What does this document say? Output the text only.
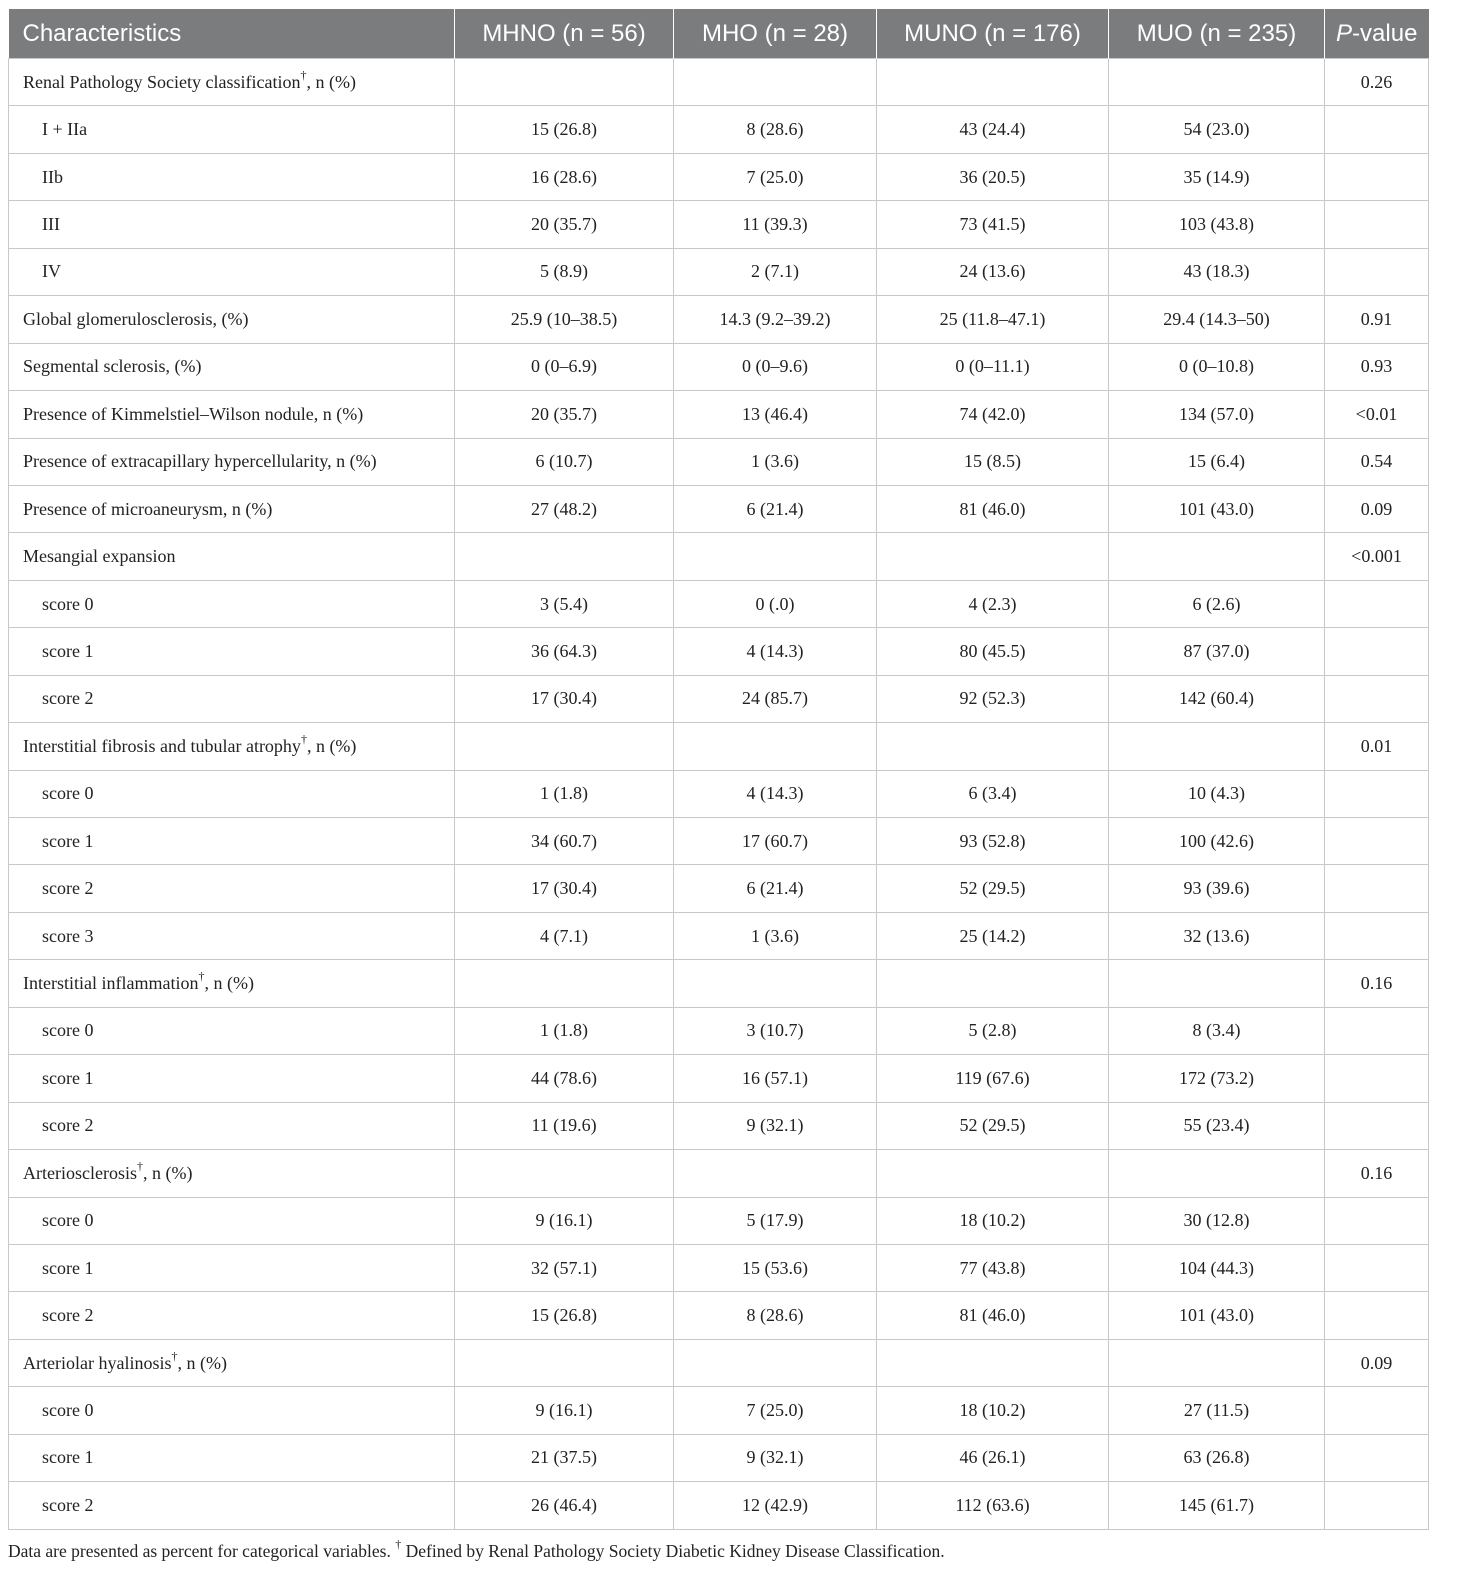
Characteristics	MHNO (n = 56)	MHO (n = 28)	MUNO (n = 176)	MUO (n = 235)	P-value
Renal Pathology Society classification†, n (%)					0.26
I + IIa	15 (26.8)	8 (28.6)	43 (24.4)	54 (23.0)	
IIb	16 (28.6)	7 (25.0)	36 (20.5)	35 (14.9)	
III	20 (35.7)	11 (39.3)	73 (41.5)	103 (43.8)	
IV	5 (8.9)	2 (7.1)	24 (13.6)	43 (18.3)	
Global glomerulosclerosis, (%)	25.9 (10–38.5)	14.3 (9.2–39.2)	25 (11.8–47.1)	29.4 (14.3–50)	0.91
Segmental sclerosis, (%)	0 (0–6.9)	0 (0–9.6)	0 (0–11.1)	0 (0–10.8)	0.93
Presence of Kimmelstiel–Wilson nodule, n (%)	20 (35.7)	13 (46.4)	74 (42.0)	134 (57.0)	<0.01
Presence of extracapillary hypercellularity, n (%)	6 (10.7)	1 (3.6)	15 (8.5)	15 (6.4)	0.54
Presence of microaneurysm, n (%)	27 (48.2)	6 (21.4)	81 (46.0)	101 (43.0)	0.09
Mesangial expansion					<0.001
score 0	3 (5.4)	0 (.0)	4 (2.3)	6 (2.6)	
score 1	36 (64.3)	4 (14.3)	80 (45.5)	87 (37.0)	
score 2	17 (30.4)	24 (85.7)	92 (52.3)	142 (60.4)	
Interstitial fibrosis and tubular atrophy†, n (%)					0.01
score 0	1 (1.8)	4 (14.3)	6 (3.4)	10 (4.3)	
score 1	34 (60.7)	17 (60.7)	93 (52.8)	100 (42.6)	
score 2	17 (30.4)	6 (21.4)	52 (29.5)	93 (39.6)	
score 3	4 (7.1)	1 (3.6)	25 (14.2)	32 (13.6)	
Interstitial inflammation†, n (%)					0.16
score 0	1 (1.8)	3 (10.7)	5 (2.8)	8 (3.4)	
score 1	44 (78.6)	16 (57.1)	119 (67.6)	172 (73.2)	
score 2	11 (19.6)	9 (32.1)	52 (29.5)	55 (23.4)	
Arteriosclerosis†, n (%)					0.16
score 0	9 (16.1)	5 (17.9)	18 (10.2)	30 (12.8)	
score 1	32 (57.1)	15 (53.6)	77 (43.8)	104 (44.3)	
score 2	15 (26.8)	8 (28.6)	81 (46.0)	101 (43.0)	
Arteriolar hyalinosis†, n (%)					0.09
score 0	9 (16.1)	7 (25.0)	18 (10.2)	27 (11.5)	
score 1	21 (37.5)	9 (32.1)	46 (26.1)	63 (26.8)	
score 2	26 (46.4)	12 (42.9)	112 (63.6)	145 (61.7)	
Data are presented as percent for categorical variables. † Defined by Renal Pathology Society Diabetic Kidney Disease Classification.
